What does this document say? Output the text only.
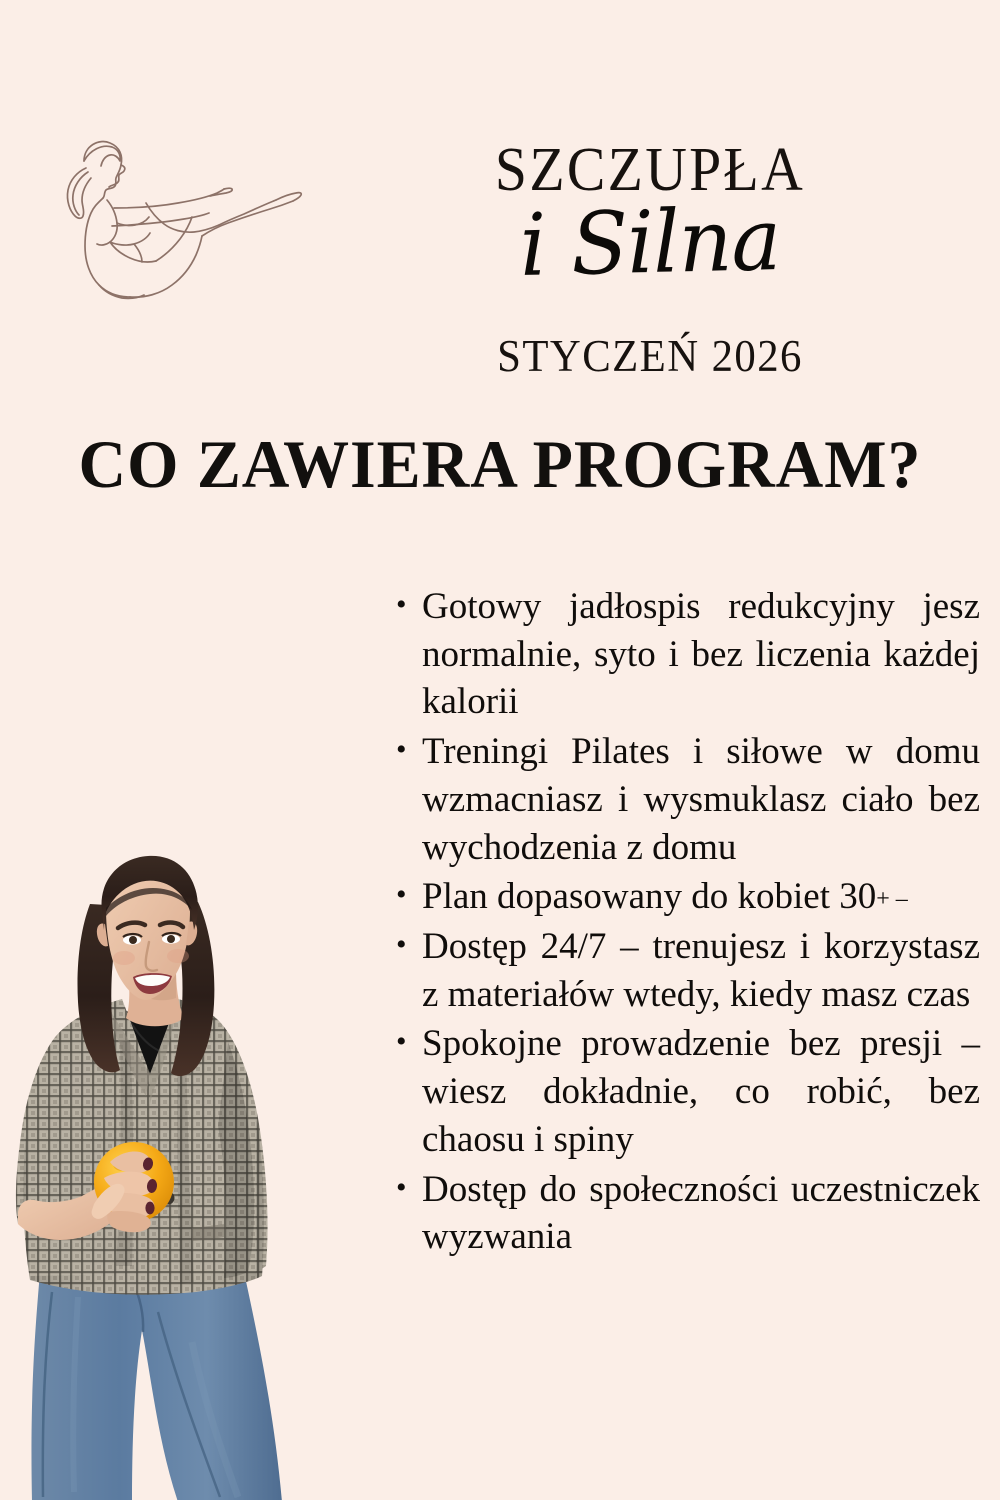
SZCZUPŁA
i Silna
STYCZEŃ 2026
CO ZAWIERA PROGRAM?
• Gotowy jadłospis redukcyjny jesz normalnie, syto i bez liczenia każdej kalorii
• Treningi Pilates i siłowe w domu wzmacniasz i wysmuklasz ciało bez wychodzenia z domu
• Plan dopasowany do kobiet 30+ –
• Dostęp 24/7 – trenujesz i korzystasz z materiałów wtedy, kiedy masz czas
• Spokojne prowadzenie bez presji – wiesz dokładnie, co robić, bez chaosu i spiny
• Dostęp do społeczności uczestniczek wyzwania
